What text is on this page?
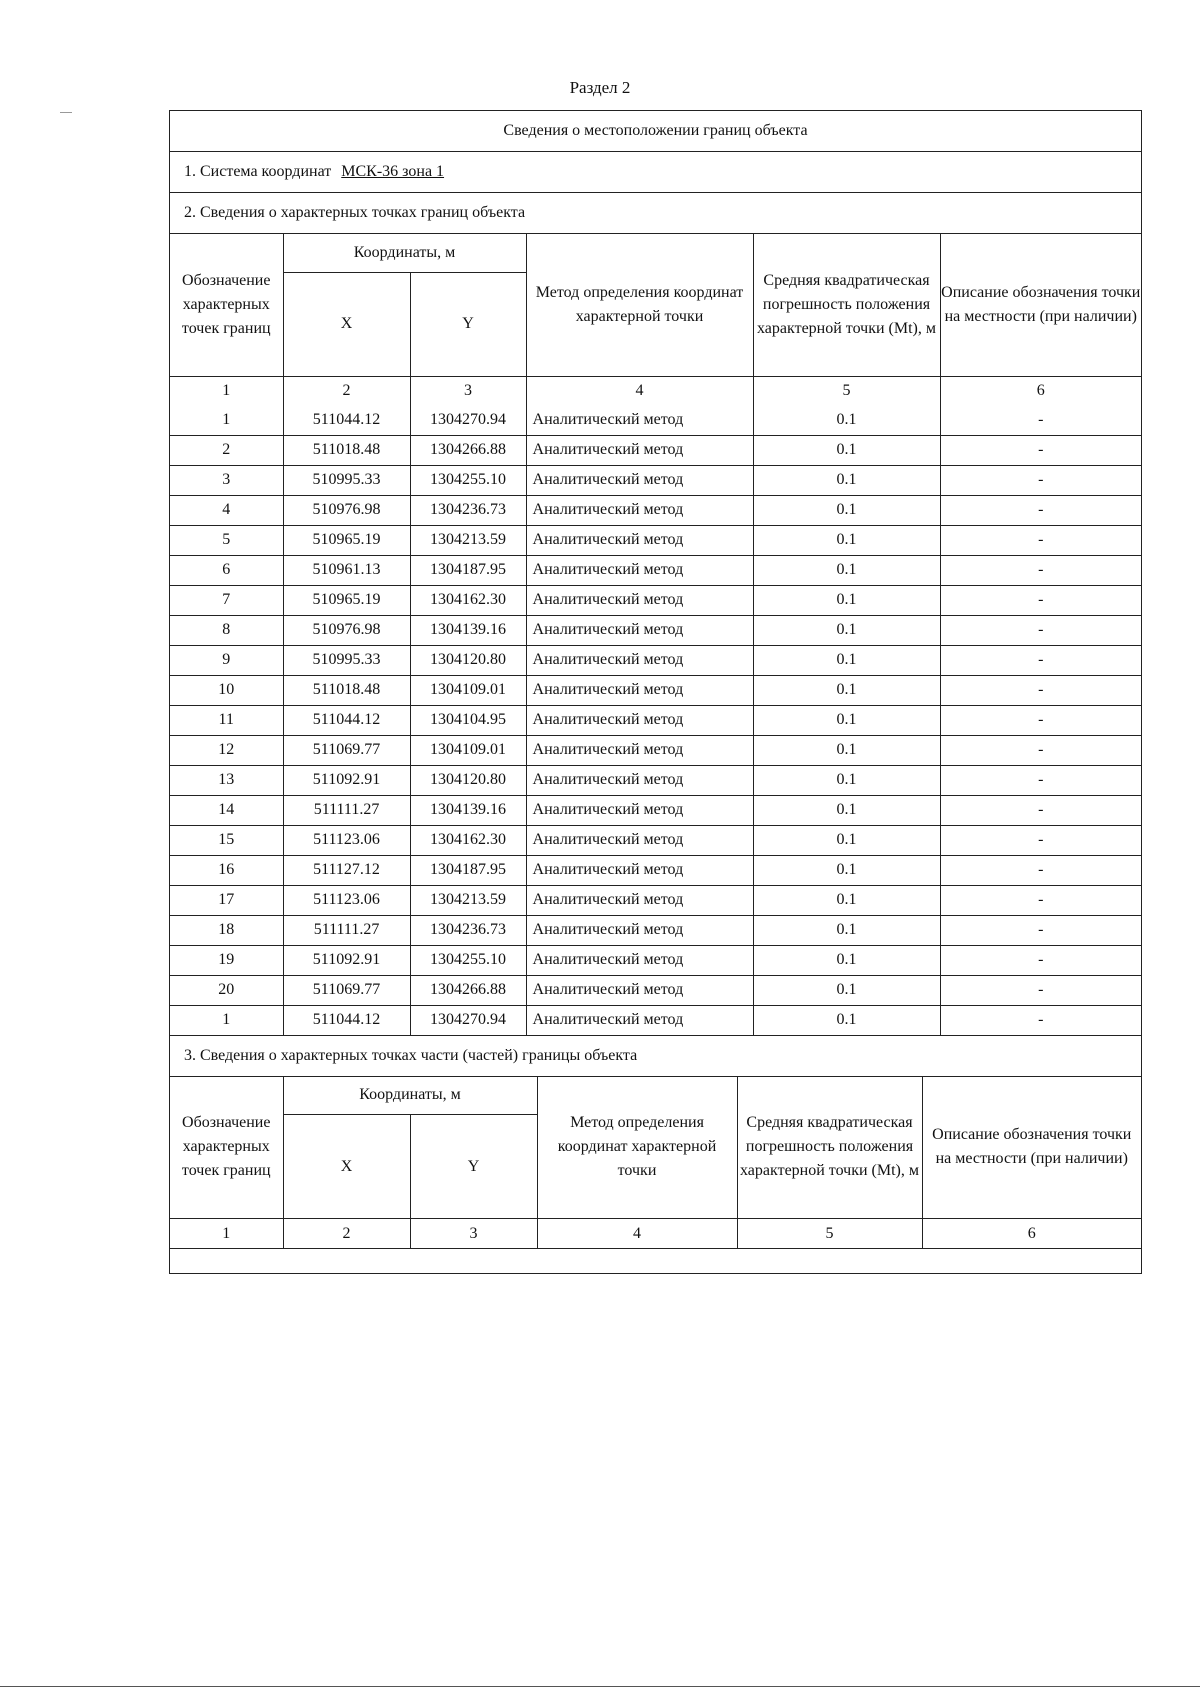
Раздел 2
Сведения о местоположении границ объекта
1. Система координат МСК-36 зона 1
2. Сведения о характерных точках границ объекта

Обозначение характерных точек границ	Координаты, м	Метод определения координат характерной точки	Средняя квадратическая погрешность положения характерной точки (Mt), м	Описание обозначения точки на местности (при наличии)
X	Y
1	2	3	4	5	6
1	511044.12	1304270.94	Аналитический метод	0.1	-
2	511018.48	1304266.88	Аналитический метод	0.1	-
3	510995.33	1304255.10	Аналитический метод	0.1	-
4	510976.98	1304236.73	Аналитический метод	0.1	-
5	510965.19	1304213.59	Аналитический метод	0.1	-
6	510961.13	1304187.95	Аналитический метод	0.1	-
7	510965.19	1304162.30	Аналитический метод	0.1	-
8	510976.98	1304139.16	Аналитический метод	0.1	-
9	510995.33	1304120.80	Аналитический метод	0.1	-
10	511018.48	1304109.01	Аналитический метод	0.1	-
11	511044.12	1304104.95	Аналитический метод	0.1	-
12	511069.77	1304109.01	Аналитический метод	0.1	-
13	511092.91	1304120.80	Аналитический метод	0.1	-
14	511111.27	1304139.16	Аналитический метод	0.1	-
15	511123.06	1304162.30	Аналитический метод	0.1	-
16	511127.12	1304187.95	Аналитический метод	0.1	-
17	511123.06	1304213.59	Аналитический метод	0.1	-
18	511111.27	1304236.73	Аналитический метод	0.1	-
19	511092.91	1304255.10	Аналитический метод	0.1	-
20	511069.77	1304266.88	Аналитический метод	0.1	-
1	511044.12	1304270.94	Аналитический метод	0.1	-

3. Сведения о характерных точках части (частей) границы объекта

Обозначение характерных точек границ	Координаты, м	Метод определения координат характерной точки	Средняя квадратическая погрешность положения характерной точки (Mt), м	Описание обозначения точки на местности (при наличии)
X	Y
1	2	3	4	5	6
